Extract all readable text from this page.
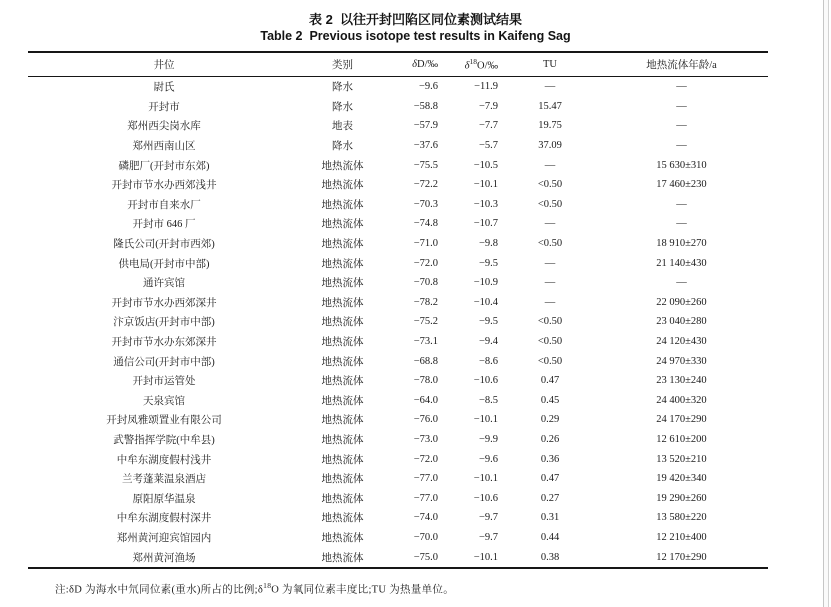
表 2  以往开封凹陷区同位素测试结果
Table 2  Previous isotope test results in Kaifeng Sag
井位	类别	δD/‰	$\delta^{18}O/‰$	TU	地热流体年龄/a
尉氏	降水	−9.6	−11.9	—	—
开封市	降水	−58.8	−7.9	15.47	—
郑州西尖岗水库	地表	−57.9	−7.7	19.75	—
郑州西南山区	降水	−37.6	−5.7	37.09	—
磷肥厂(开封市东郊)	地热流体	−75.5	−10.5	—	15 630±310
开封市节水办西郊浅井	地热流体	−72.2	−10.1	<0.50	17 460±230
开封市自来水厂	地热流体	−70.3	−10.3	<0.50	—
开封市 646 厂	地热流体	−74.8	−10.7	—	—
隆氏公司(开封市西郊)	地热流体	−71.0	−9.8	<0.50	18 910±270
供电局(开封市中部)	地热流体	−72.0	−9.5	—	21 140±430
通许宾馆	地热流体	−70.8	−10.9	—	—
开封市节水办西郊深井	地热流体	−78.2	−10.4	—	22 090±260
汴京饭店(开封市中部)	地热流体	−75.2	−9.5	<0.50	23 040±280
开封市节水办东郊深井	地热流体	−73.1	−9.4	<0.50	24 120±430
通信公司(开封市中部)	地热流体	−68.8	−8.6	<0.50	24 970±330
开封市运管处	地热流体	−78.0	−10.6	0.47	23 130±240
天泉宾馆	地热流体	−64.0	−8.5	0.45	24 400±320
开封凤雅颂置业有限公司	地热流体	−76.0	−10.1	0.29	24 170±290
武警指挥学院(中牟县)	地热流体	−73.0	−9.9	0.26	12 610±200
中牟东湖度假村浅井	地热流体	−72.0	−9.6	0.36	13 520±210
兰考蓬莱温泉酒店	地热流体	−77.0	−10.1	0.47	19 420±340
原阳原华温泉	地热流体	−77.0	−10.6	0.27	19 290±260
中牟东湖度假村深井	地热流体	−74.0	−9.7	0.31	13 580±220
郑州黄河迎宾馆园内	地热流体	−70.0	−9.7	0.44	12 210±400
郑州黄河渔场	地热流体	−75.0	−10.1	0.38	12 170±290
注:δD 为海水中氘同位素(重水)所占的比例$;\delta^{18}O$ 为氧同位素丰度比;TU 为热量单位。
